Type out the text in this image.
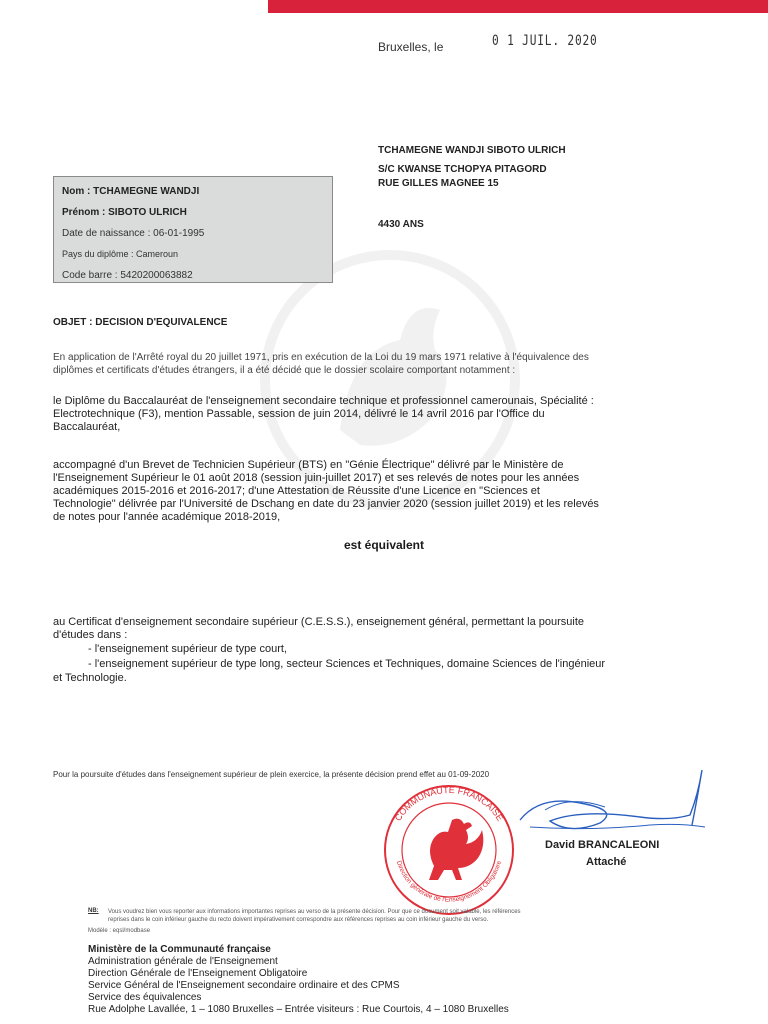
Bruxelles, le	0 1 JUIL. 2020
TCHAMEGNE WANDJI SIBOTO ULRICH
S/C KWANSE TCHOPYA PITAGORD
RUE GILLES MAGNEE 15
4430 ANS
Nom : TCHAMEGNE WANDJI
Prénom : SIBOTO ULRICH
Date de naissance : 06-01-1995
Pays du diplôme : Cameroun
Code barre : 5420200063882
OBJET : DECISION D'EQUIVALENCE
En application de l'Arrêté royal du 20 juillet 1971, pris en exécution de la Loi du 19 mars 1971 relative à l'équivalence des
diplômes et certificats d'études étrangers, il a été décidé que le dossier scolaire comportant notamment :
le Diplôme du Baccalauréat de l'enseignement secondaire technique et professionnel camerounais, Spécialité :
Electrotechnique (F3), mention Passable, session de juin 2014, délivré le 14 avril 2016 par l'Office du
Baccalauréat,
accompagné d'un Brevet de Technicien Supérieur (BTS) en "Génie Électrique" délivré par le Ministère de
l'Enseignement Supérieur le 01 août 2018 (session juin-juillet 2017) et ses relevés de notes pour les années
académiques 2015-2016 et 2016-2017; d'une Attestation de Réussite d'une Licence en "Sciences et
Technologie" délivrée par l'Université de Dschang en date du 23 janvier 2020 (session juillet 2019) et les relevés
de notes pour l'année académique 2018-2019,
est équivalent
au Certificat d'enseignement secondaire supérieur (C.E.S.S.), enseignement général, permettant la poursuite
d'études dans :
- l'enseignement supérieur de type court,
- l'enseignement supérieur de type long, secteur Sciences et Techniques, domaine Sciences de l'ingénieur
et Technologie.
Pour la poursuite d'études dans l'enseignement supérieur de plein exercice, la présente décision prend effet au 01-09-2020
COMMUNAUTE FRANCAISE
Direction générale de l'Enseignement Obligatoire
David BRANCALEONI
Attaché
NB: Vous voudrez bien vous reporter aux informations importantes reprises au verso de la présente décision. Pour que ce document soit valable, les références
reprises dans le coin inférieur gauche du recto doivent impérativement correspondre aux références reprises au coin inférieur gauche du verso.
Modèle : eqsl/modbase
Ministère de la Communauté française
Administration générale de l'Enseignement
Direction Générale de l'Enseignement Obligatoire
Service Général de l'Enseignement secondaire ordinaire et des CPMS
Service des équivalences
Rue Adolphe Lavallée, 1 – 1080 Bruxelles – Entrée visiteurs : Rue Courtois, 4 – 1080 Bruxelles
